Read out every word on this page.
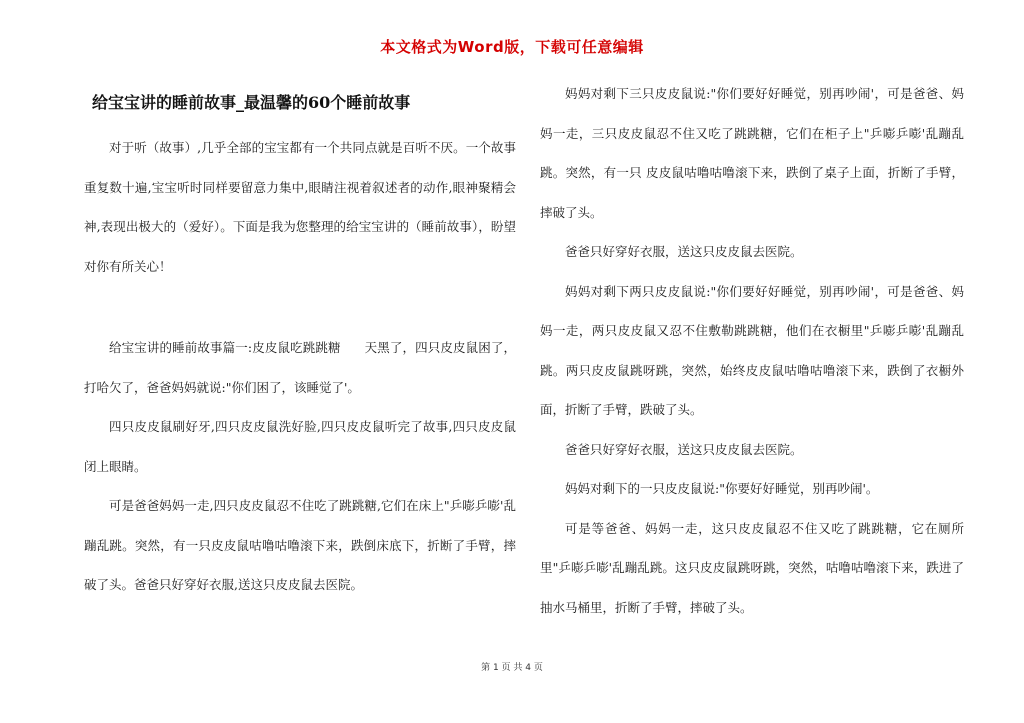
本文格式为Word版，下载可任意编辑
给宝宝讲的睡前故事_最温馨的60个睡前故事

对于听（故事）,几乎全部的宝宝都有一个共同点就是百听不厌。一个故事重复数十遍,宝宝听时同样要留意力集中,眼睛注视着叙述者的动作,眼神聚精会神,表现出极大的（爱好）。下面是我为您整理的给宝宝讲的（睡前故事），盼望对你有所关心！

给宝宝讲的睡前故事篇一:皮皮鼠吃跳跳糖 天黑了，四只皮皮鼠困了，打哈欠了，爸爸妈妈就说:"你们困了，该睡觉了'。

四只皮皮鼠刷好牙,四只皮皮鼠洗好脸,四只皮皮鼠听完了故事,四只皮皮鼠闭上眼睛。

可是爸爸妈妈一走,四只皮皮鼠忍不住吃了跳跳糖,它们在床上"乒嘭乒嘭'乱蹦乱跳。突然，有一只皮皮鼠咕噜咕噜滚下来，跌倒床底下，折断了手臂，摔破了头。爸爸只好穿好衣服,送这只皮皮鼠去医院。

妈妈对剩下三只皮皮鼠说:"你们要好好睡觉，别再吵闹'，可是爸爸、妈妈一走，三只皮皮鼠忍不住又吃了跳跳糖，它们在柜子上"乒嘭乒嘭'乱蹦乱跳。突然，有一只 皮皮鼠咕噜咕噜滚下来，跌倒了桌子上面，折断了手臂，摔破了头。

爸爸只好穿好衣服，送这只皮皮鼠去医院。

妈妈对剩下两只皮皮鼠说:"你们要好好睡觉，别再吵闹'，可是爸爸、妈妈一走，两只皮皮鼠又忍不住敷勒跳跳糖，他们在衣橱里"乒嘭乒嘭'乱蹦乱跳。两只皮皮鼠跳呀跳，突然，始终皮皮鼠咕噜咕噜滚下来，跌倒了衣橱外面，折断了手臂，跌破了头。

爸爸只好穿好衣服，送这只皮皮鼠去医院。

妈妈对剩下的一只皮皮鼠说:"你要好好睡觉，别再吵闹'。

可是等爸爸、妈妈一走，这只皮皮鼠忍不住又吃了跳跳糖，它在厕所里"乒嘭乒嘭'乱蹦乱跳。这只皮皮鼠跳呀跳，突然，咕噜咕噜滚下来，跌进了抽水马桶里，折断了手臂，摔破了头。

第 1 页 共 4 页
